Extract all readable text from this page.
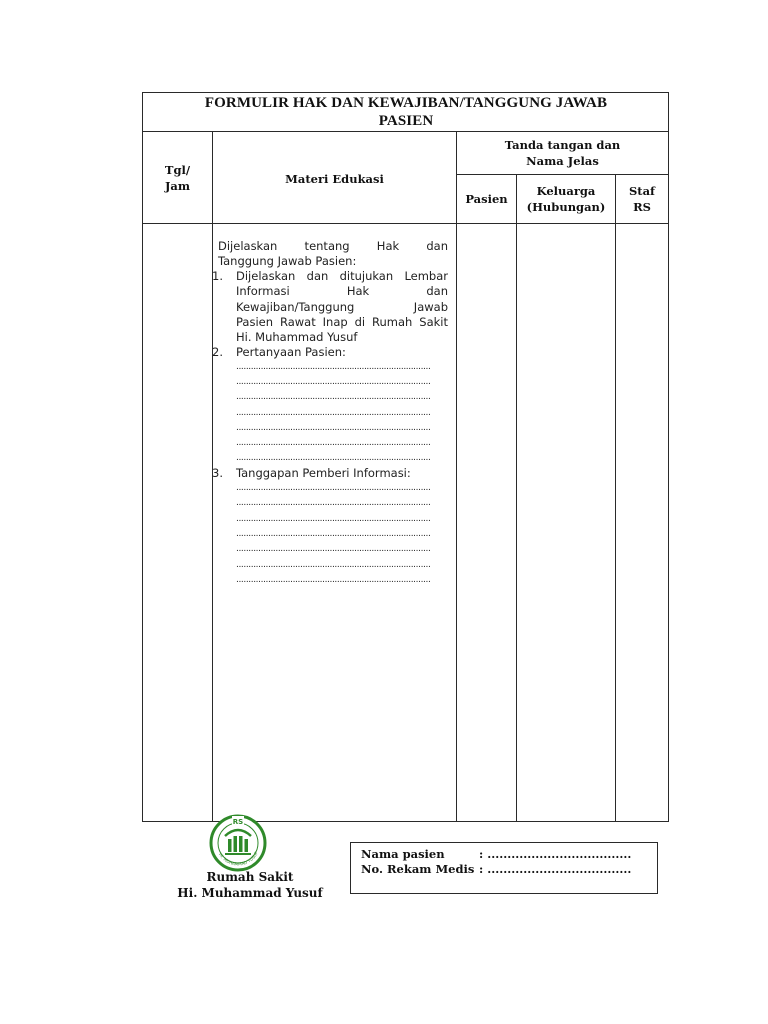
FORMULIR HAK DAN KEWAJIBAN/TANGGUNG JAWAB
PASIEN
Tgl/
Jam	Materi Edukasi
Tanda tangan dan
Nama Jelas
Pasien
Keluarga
(Hubungan)
Staf
RS
Dijelaskan tentang Hak dan
Tanggung Jawab Pasien:
1. Dijelaskan dan ditujukan Lembar
Informasi Hak dan
Kewajiban/Tanggung Jawab
Pasien Rawat Inap di Rumah Sakit
Hi. Muhammad Yusuf
2. Pertanyaan Pasien:
...............................................................................
...............................................................................
...............................................................................
...............................................................................
...............................................................................
...............................................................................
...............................................................................
3. Tanggapan Pemberi Informasi:
...............................................................................
...............................................................................
...............................................................................
...............................................................................
...............................................................................
...............................................................................
...............................................................................
RS
HI. MUHAMMAD YUSUF
Rumah Sakit
Hi. Muhammad Yusuf
Nama pasien	: ....................................
No. Rekam Medis : ....................................
